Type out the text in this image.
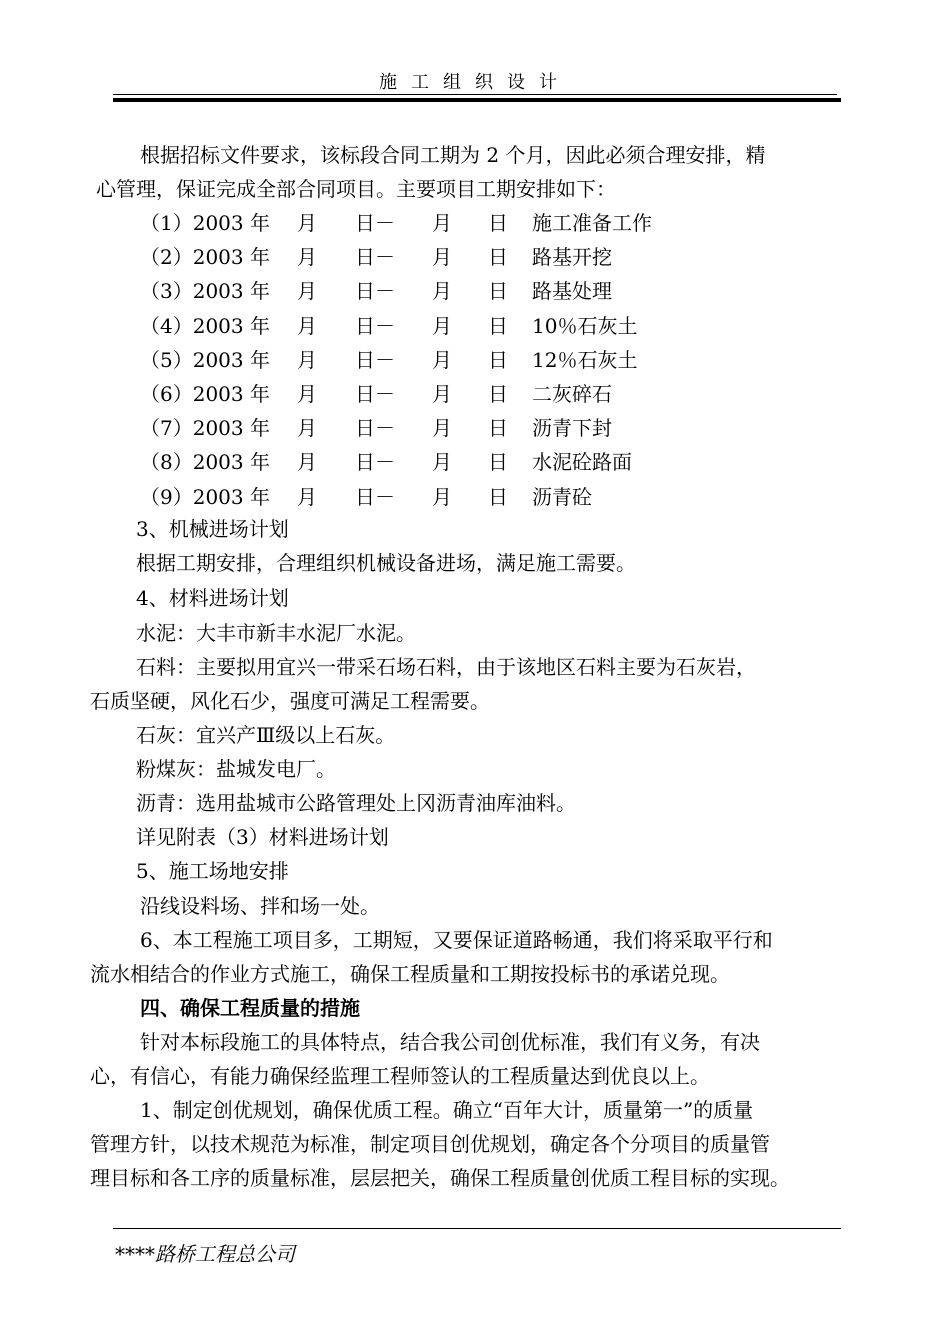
施工组织设计
根据招标文件要求，该标段合同工期为 2 个月，因此必须合理安排，精
心管理，保证完成全部合同项目。主要项目工期安排如下：
（1）2003 年 月 日－ 月 日 施工准备工作
（2）2003 年 月 日－ 月 日 路基开挖
（3）2003 年 月 日－ 月 日 路基处理
（4）2003 年 月 日－ 月 日 10％石灰土
（5）2003 年 月 日－ 月 日 12％石灰土
（6）2003 年 月 日－ 月 日 二灰碎石
（7）2003 年 月 日－ 月 日 沥青下封
（8）2003 年 月 日－ 月 日 水泥砼路面
（9）2003 年 月 日－ 月 日 沥青砼
3、机械进场计划
根据工期安排，合理组织机械设备进场，满足施工需要。
4、材料进场计划
水泥：大丰市新丰水泥厂水泥。
石料：主要拟用宜兴一带采石场石料，由于该地区石料主要为石灰岩，
石质坚硬，风化石少，强度可满足工程需要。
石灰：宜兴产Ⅲ级以上石灰。
粉煤灰：盐城发电厂。
沥青：选用盐城市公路管理处上冈沥青油库油料。
详见附表（3）材料进场计划
5、施工场地安排
沿线设料场、拌和场一处。
6、本工程施工项目多，工期短，又要保证道路畅通，我们将采取平行和
流水相结合的作业方式施工，确保工程质量和工期按投标书的承诺兑现。
四、确保工程质量的措施
针对本标段施工的具体特点，结合我公司创优标准，我们有义务，有决
心，有信心，有能力确保经监理工程师签认的工程质量达到优良以上。
1、制定创优规划，确保优质工程。确立“百年大计，质量第一”的质量
管理方针，以技术规范为标准，制定项目创优规划，确定各个分项目的质量管
理目标和各工序的质量标准，层层把关，确保工程质量创优质工程目标的实现。
****路桥工程总公司
